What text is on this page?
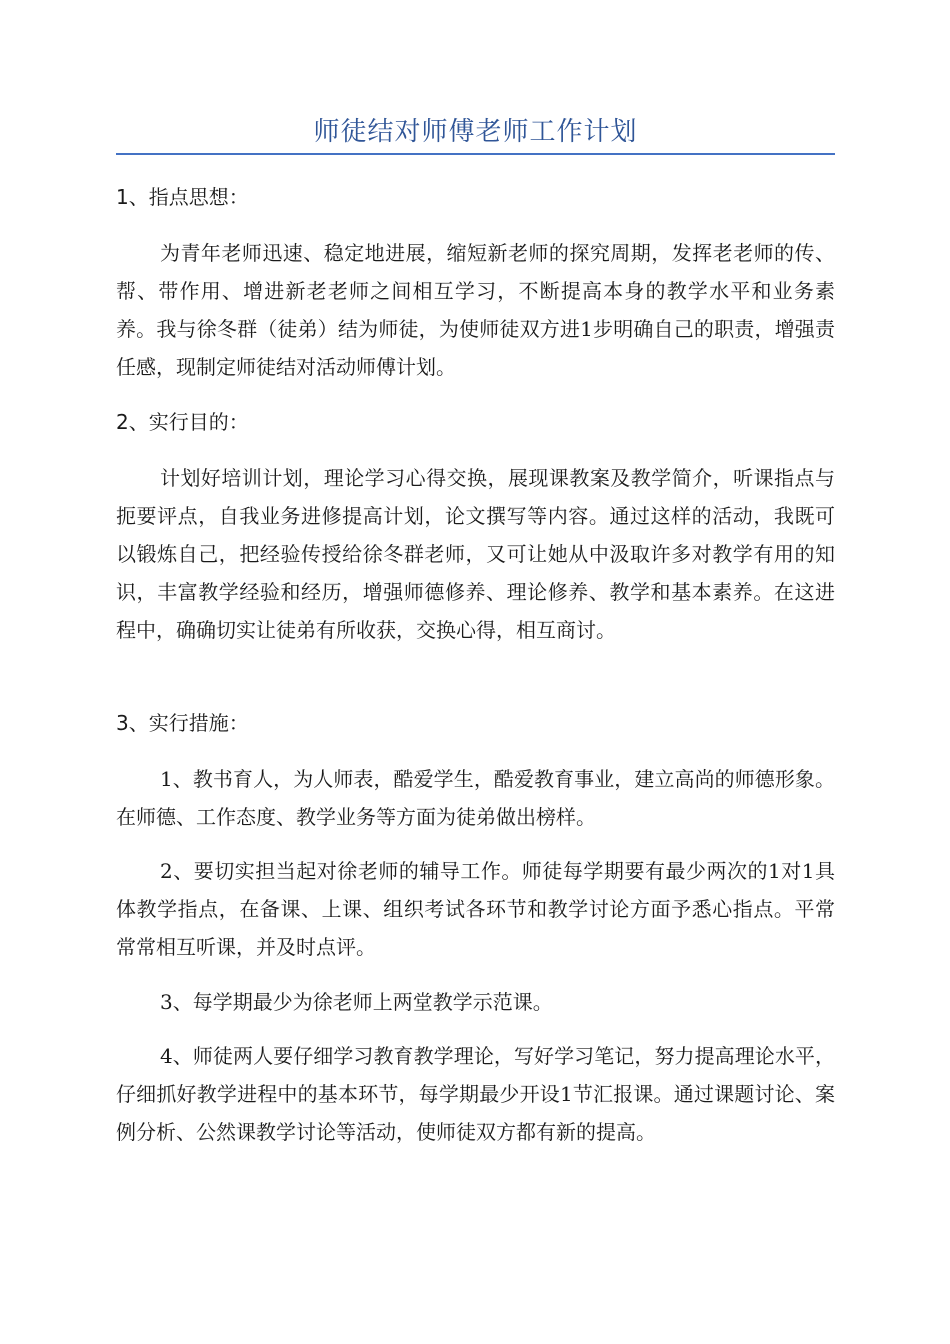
师徒结对师傅老师工作计划

1、指点思想：

为青年老师迅速、稳定地进展，缩短新老师的探究周期，发挥老老师的传、帮、带作用、增进新老老师之间相互学习，不断提高本身的教学水平和业务素养。我与徐冬群（徒弟）结为师徒，为使师徒双方进1步明确自己的职责，增强责任感，现制定师徒结对活动师傅计划。

2、实行目的：

计划好培训计划，理论学习心得交换，展现课教案及教学简介，听课指点与扼要评点，自我业务进修提高计划，论文撰写等内容。通过这样的活动，我既可以锻炼自己，把经验传授给徐冬群老师，又可让她从中汲取许多对教学有用的知识，丰富教学经验和经历，增强师德修养、理论修养、教学和基本素养。在这进程中，确确切实让徒弟有所收获，交换心得，相互商讨。

3、实行措施：

1、教书育人，为人师表，酷爱学生，酷爱教育事业，建立高尚的师德形象。在师德、工作态度、教学业务等方面为徒弟做出榜样。

2、要切实担当起对徐老师的辅导工作。师徒每学期要有最少两次的1对1具体教学指点，在备课、上课、组织考试各环节和教学讨论方面予悉心指点。平常常常相互听课，并及时点评。

3、每学期最少为徐老师上两堂教学示范课。

4、师徒两人要仔细学习教育教学理论，写好学习笔记，努力提高理论水平，仔细抓好教学进程中的基本环节，每学期最少开设1节汇报课。通过课题讨论、案例分析、公然课教学讨论等活动，使师徒双方都有新的提高。
